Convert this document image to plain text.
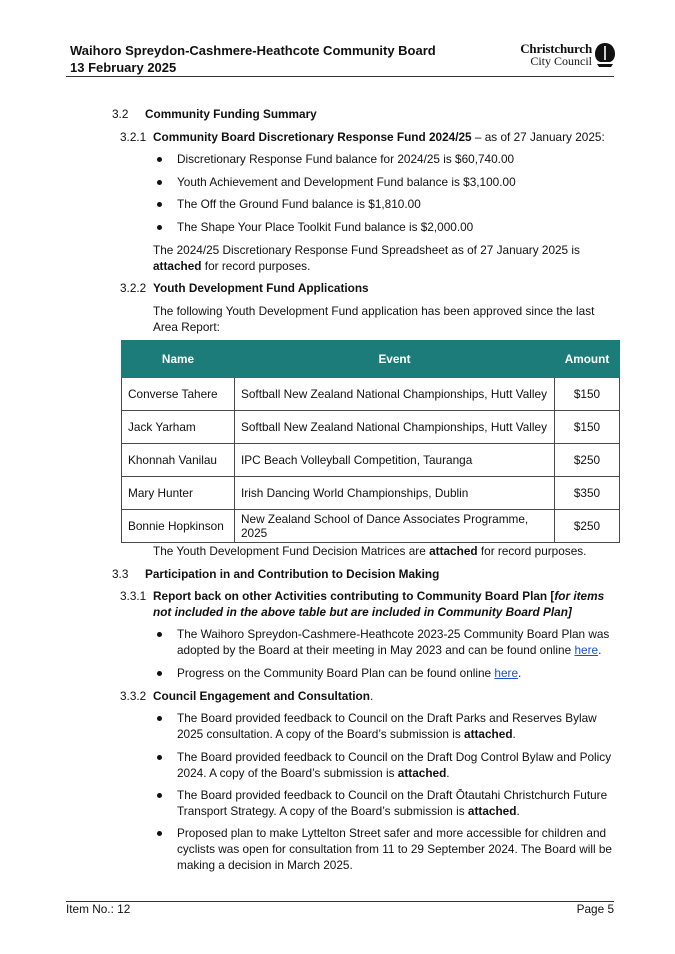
Waihoro Spreydon-Cashmere-Heathcote Community Board
13 February 2025
Christchurch
City Council
3.2 Community Funding Summary
3.2.1 Community Board Discretionary Response Fund 2024/25 – as of 27 January 2025:
Discretionary Response Fund balance for 2024/25 is $60,740.00
Youth Achievement and Development Fund balance is $3,100.00
The Off the Ground Fund balance is $1,810.00
The Shape Your Place Toolkit Fund balance is $2,000.00
The 2024/25 Discretionary Response Fund Spreadsheet as of 27 January 2025 is
attached for record purposes.
3.2.2 Youth Development Fund Applications
The following Youth Development Fund application has been approved since the last
Area Report:
Name	Event	Amount
Converse Tahere	Softball New Zealand National Championships, Hutt Valley	$150
Jack Yarham	Softball New Zealand National Championships, Hutt Valley	$150
Khonnah Vanilau	IPC Beach Volleyball Competition, Tauranga	$250
Mary Hunter	Irish Dancing World Championships, Dublin	$350
Bonnie Hopkinson	New Zealand School of Dance Associates Programme, 2025	$250
The Youth Development Fund Decision Matrices are attached for record purposes.
3.3 Participation in and Contribution to Decision Making
3.3.1 Report back on other Activities contributing to Community Board Plan [for items
not included in the above table but are included in Community Board Plan]
The Waihoro Spreydon-Cashmere-Heathcote 2023-25 Community Board Plan was
adopted by the Board at their meeting in May 2023 and can be found online here.
Progress on the Community Board Plan can be found online here.
3.3.2 Council Engagement and Consultation.
The Board provided feedback to Council on the Draft Parks and Reserves Bylaw
2025 consultation. A copy of the Board’s submission is attached.
The Board provided feedback to Council on the Draft Dog Control Bylaw and Policy
2024. A copy of the Board’s submission is attached.
The Board provided feedback to Council on the Draft Ōtautahi Christchurch Future
Transport Strategy. A copy of the Board’s submission is attached.
Proposed plan to make Lyttelton Street safer and more accessible for children and
cyclists was open for consultation from 11 to 29 September 2024. The Board will be
making a decision in March 2025.
Item No.: 12	Page 5
